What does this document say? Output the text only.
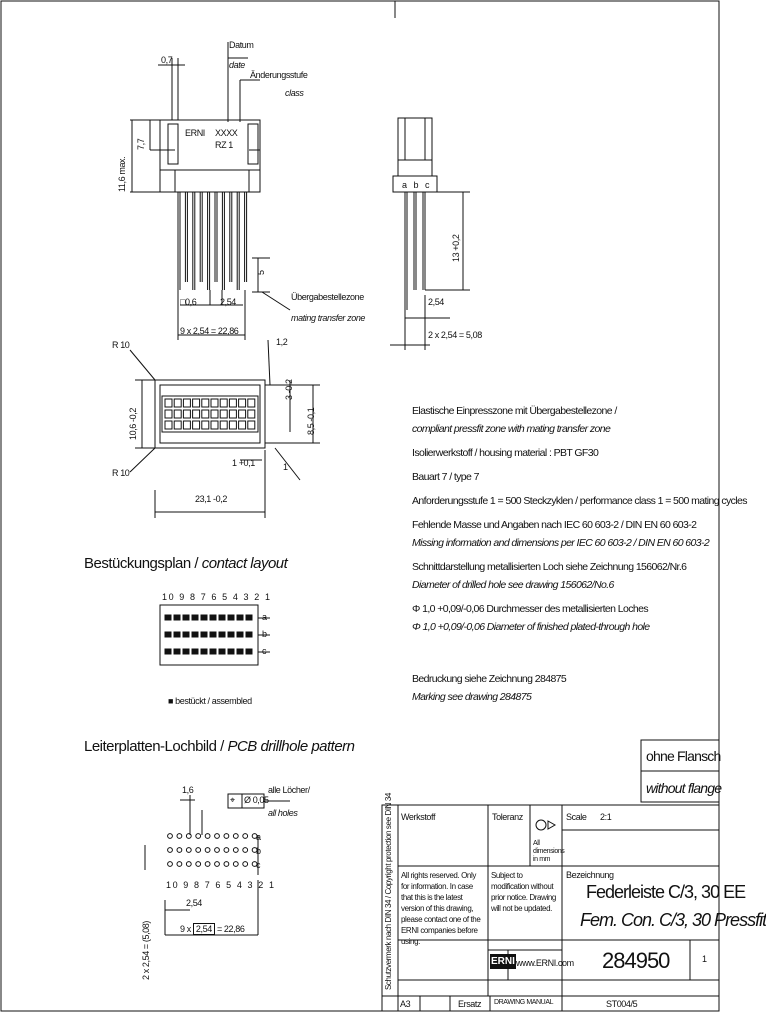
0,7
Datum
date
Änderungsstufe
class
11,6 max.
7,7
ERNI XXXX
RZ 1
□0,6	2,54
9 x 2,54 = 22,86
5
Übergabestellezone
mating transfer zone
a b c
13 +0,2
2,54
2 x 2,54 = 5,08
R 10
R 10
10,6 -0,2	8,5 -0,1
3 -0,2
1,2
1 +0,1	1
23,1 -0,2
Elastische Einpresszone mit Übergabestellezone /
compliant pressfit zone with mating transfer zone
Isolierwerkstoff / housing material : PBT GF30
Bauart 7 / type 7
Anforderungsstufe 1 = 500 Steckzyklen / performance class 1 = 500 mating cycles
Fehlende Masse und Angaben nach IEC 60 603-2 / DIN EN 60 603-2
Missing information and dimensions per IEC 60 603-2 / DIN EN 60 603-2
Schnittdarstellung metallisierten Loch siehe Zeichnung 156062/Nr.6
Diameter of drilled hole see drawing 156062/No.6
Φ 1,0 +0,09/-0,06 Durchmesser des metallisierten Loches
Φ 1,0 +0,09/-0,06 Diameter of finished plated-through hole
Bedruckung siehe Zeichnung 284875
Marking see drawing 284875
Bestückungsplan / contact layout
10 9 8 7 6 5 4 3 2 1
a
b
c
■ bestückt / assembled
Leiterplatten-Lochbild / PCB drillhole pattern
1,6
⌖ Ø 0,05
alle Löcher/
all holes
10 9 8 7 6 5 4 3 2 1
a
b
c
2,54
9 x 2,54 = 22,86
2 x 2,54 = (5,08)
ohne Flansch
without flange
Schutzvermerk nach DIN 34 / Copyright protection see DIN 34 Werkstoff	Toleranz
All dimensions in mm
Scale 2:1
All rights reserved. Only for information. In case that this is the latest version of this drawing, please contact one of the ERNI companies before using.
Subject to modification without prior notice. Drawing will not be updated.
Bezeichnung
Federleiste C/3, 30 EE
Fem. Con. C/3, 30 Pressfit
ERNI www.ERNI.com 284950	1
A3	Ersatz DRAWING MANUAL	ST004/5
